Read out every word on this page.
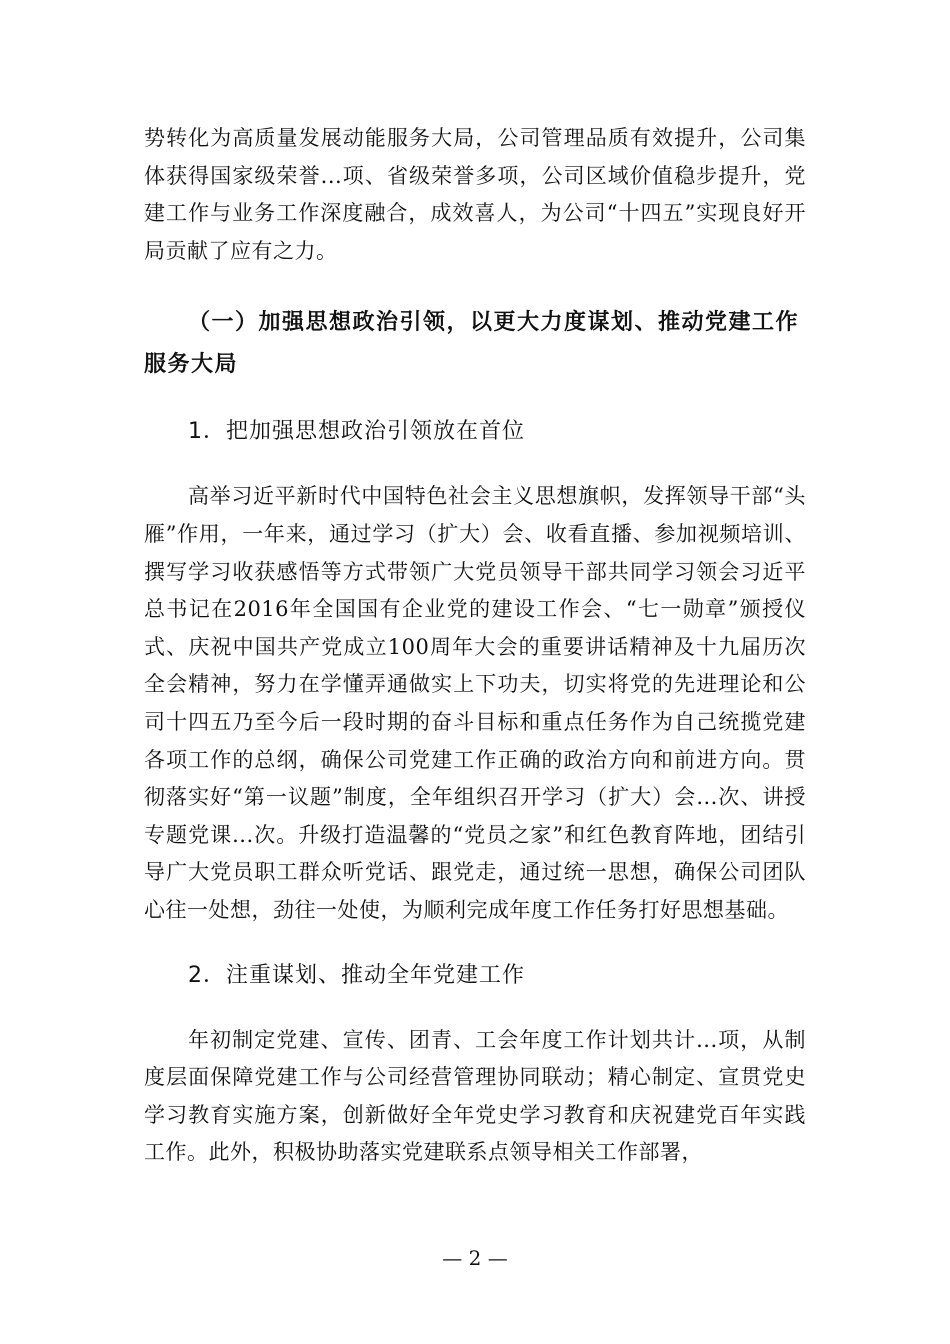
势转化为高质量发展动能服务大局，公司管理品质有效提升，公司集体获得国家级荣誉...项、省级荣誉多项，公司区域价值稳步提升，党建工作与业务工作深度融合，成效喜人，为公司“十四五”实现良好开局贡献了应有之力。

（一）加强思想政治引领，以更大力度谋划、推动党建工作服务大局
1．把加强思想政治引领放在首位

高举习近平新时代中国特色社会主义思想旗帜，发挥领导干部“头雁”作用，一年来，通过学习（扩大）会、收看直播、参加视频培训、撰写学习收获感悟等方式带领广大党员领导干部共同学习领会习近平总书记在2016年全国国有企业党的建设工作会、“七一勋章”颁授仪式、庆祝中国共产党成立100周年大会的重要讲话精神及十九届历次全会精神，努力在学懂弄通做实上下功夫，切实将党的先进理论和公司十四五乃至今后一段时期的奋斗目标和重点任务作为自己统揽党建各项工作的总纲，确保公司党建工作正确的政治方向和前进方向。贯彻落实好“第一议题”制度，全年组织召开学习（扩大）会...次、讲授专题党课...次。升级打造温馨的“党员之家”和红色教育阵地，团结引导广大党员职工群众听党话、跟党走，通过统一思想，确保公司团队心往一处想，劲往一处使，为顺利完成年度工作任务打好思想基础。

2．注重谋划、推动全年党建工作

年初制定党建、宣传、团青、工会年度工作计划共计...项，从制度层面保障党建工作与公司经营管理协同联动；精心制定、宣贯党史学习教育实施方案，创新做好全年党史学习教育和庆祝建党百年实践工作。此外，积极协助落实党建联系点领导相关工作部署，

— 2 —
